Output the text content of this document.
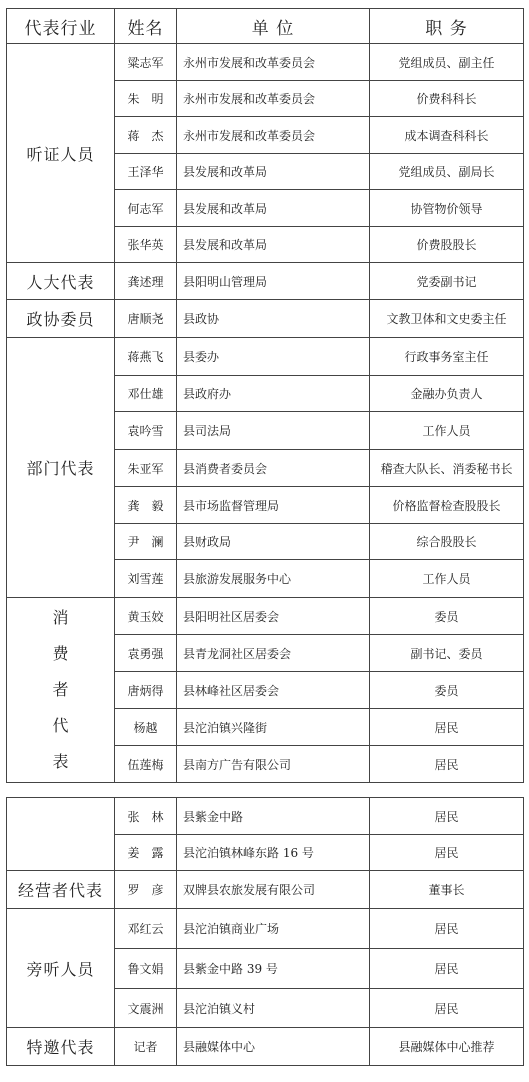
代表行业	姓名	单 位	职 务
听证人员	粱志军	永州市发展和改革委员会	党组成员、副主任
	朱　明	永州市发展和改革委员会	价费科科长
	蒋　杰	永州市发展和改革委员会	成本调查科科长
	王泽华	县发展和改革局	党组成员、副局长
	何志军	县发展和改革局	协管物价领导
	张华英	县发展和改革局	价费股股长
人大代表	龚述理	县阳明山管理局	党委副书记
政协委员	唐顺尧	县政协	文教卫体和文史委主任
部门代表	蒋燕飞	县委办	行政事务室主任
	邓仕雄	县政府办	金融办负责人
	袁吟雪	县司法局	工作人员
	朱亚军	县消费者委员会	稽查大队长、消委秘书长
	龚　毅	县市场监督管理局	价格监督检查股股长
	尹　澜	县财政局	综合股股长
	刘雪莲	县旅游发展服务中心	工作人员
消费者代表	黄玉姣	县阳明社区居委会	委员
	袁勇强	县青龙洞社区居委会	副书记、委员
	唐炳得	县林峰社区居委会	委员
	杨越	县沱泊镇兴隆街	居民
	伍莲梅	县南方广告有限公司	居民
	张　林	县紫金中路	居民
	姜　露	县沱泊镇林峰东路 16 号	居民
经营者代表	罗　彦	双牌县农旅发展有限公司	董事长
旁听人员	邓红云	县沱泊镇商业广场	居民
	鲁文娟	县紫金中路 39 号	居民
	文震洲	县沱泊镇义村	居民
特邀代表	记者	县融媒体中心	县融媒体中心推荐
